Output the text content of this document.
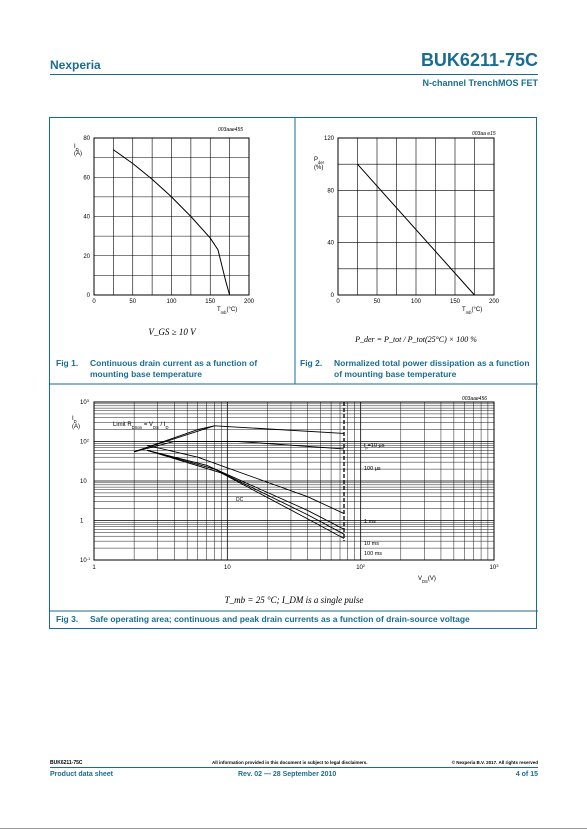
Nexperia	BUK6211-75C
N-channel TrenchMOS FET
0	50	100	150	200
0
20
40
60
80
003aae455
$I_D$
(A)
$T_{mb}(^\circ C)$
V_GS ≥ 10 V
0	50	100	150	200
0
40
80
120
003aa e15
$P_{der}$
(%)
$T_{mb}(^\circ C)$
P_der = P_tot / P_tot(25°C) × 100 %
1	10	$10^2$	$10^3$
$10^{-1}$
1
10
$10^2$
$10^3$	003aae456
$I_D$
(A)
$V_{DS}(V)$
Limit $R_{DSon} = V_{DS} / I_D$
DC
$t_p=10$ μs
100 μs
1 ms
10 ms
100 ms
T_mb = 25 °C; I_DM is a single pulse
Fig 1. Continuous drain current as a function of mounting base temperature
Fig 2. Normalized total power dissipation as a function of mounting base temperature
Fig 3. Safe operating area; continuous and peak drain currents as a function of drain-source voltage
BUK6211-75C	All information provided in this document is subject to legal disclaimers.	© Nexperia B.V. 2017. All rights reserved
Product data sheet	Rev. 02 — 28 September 2010	4 of 15
